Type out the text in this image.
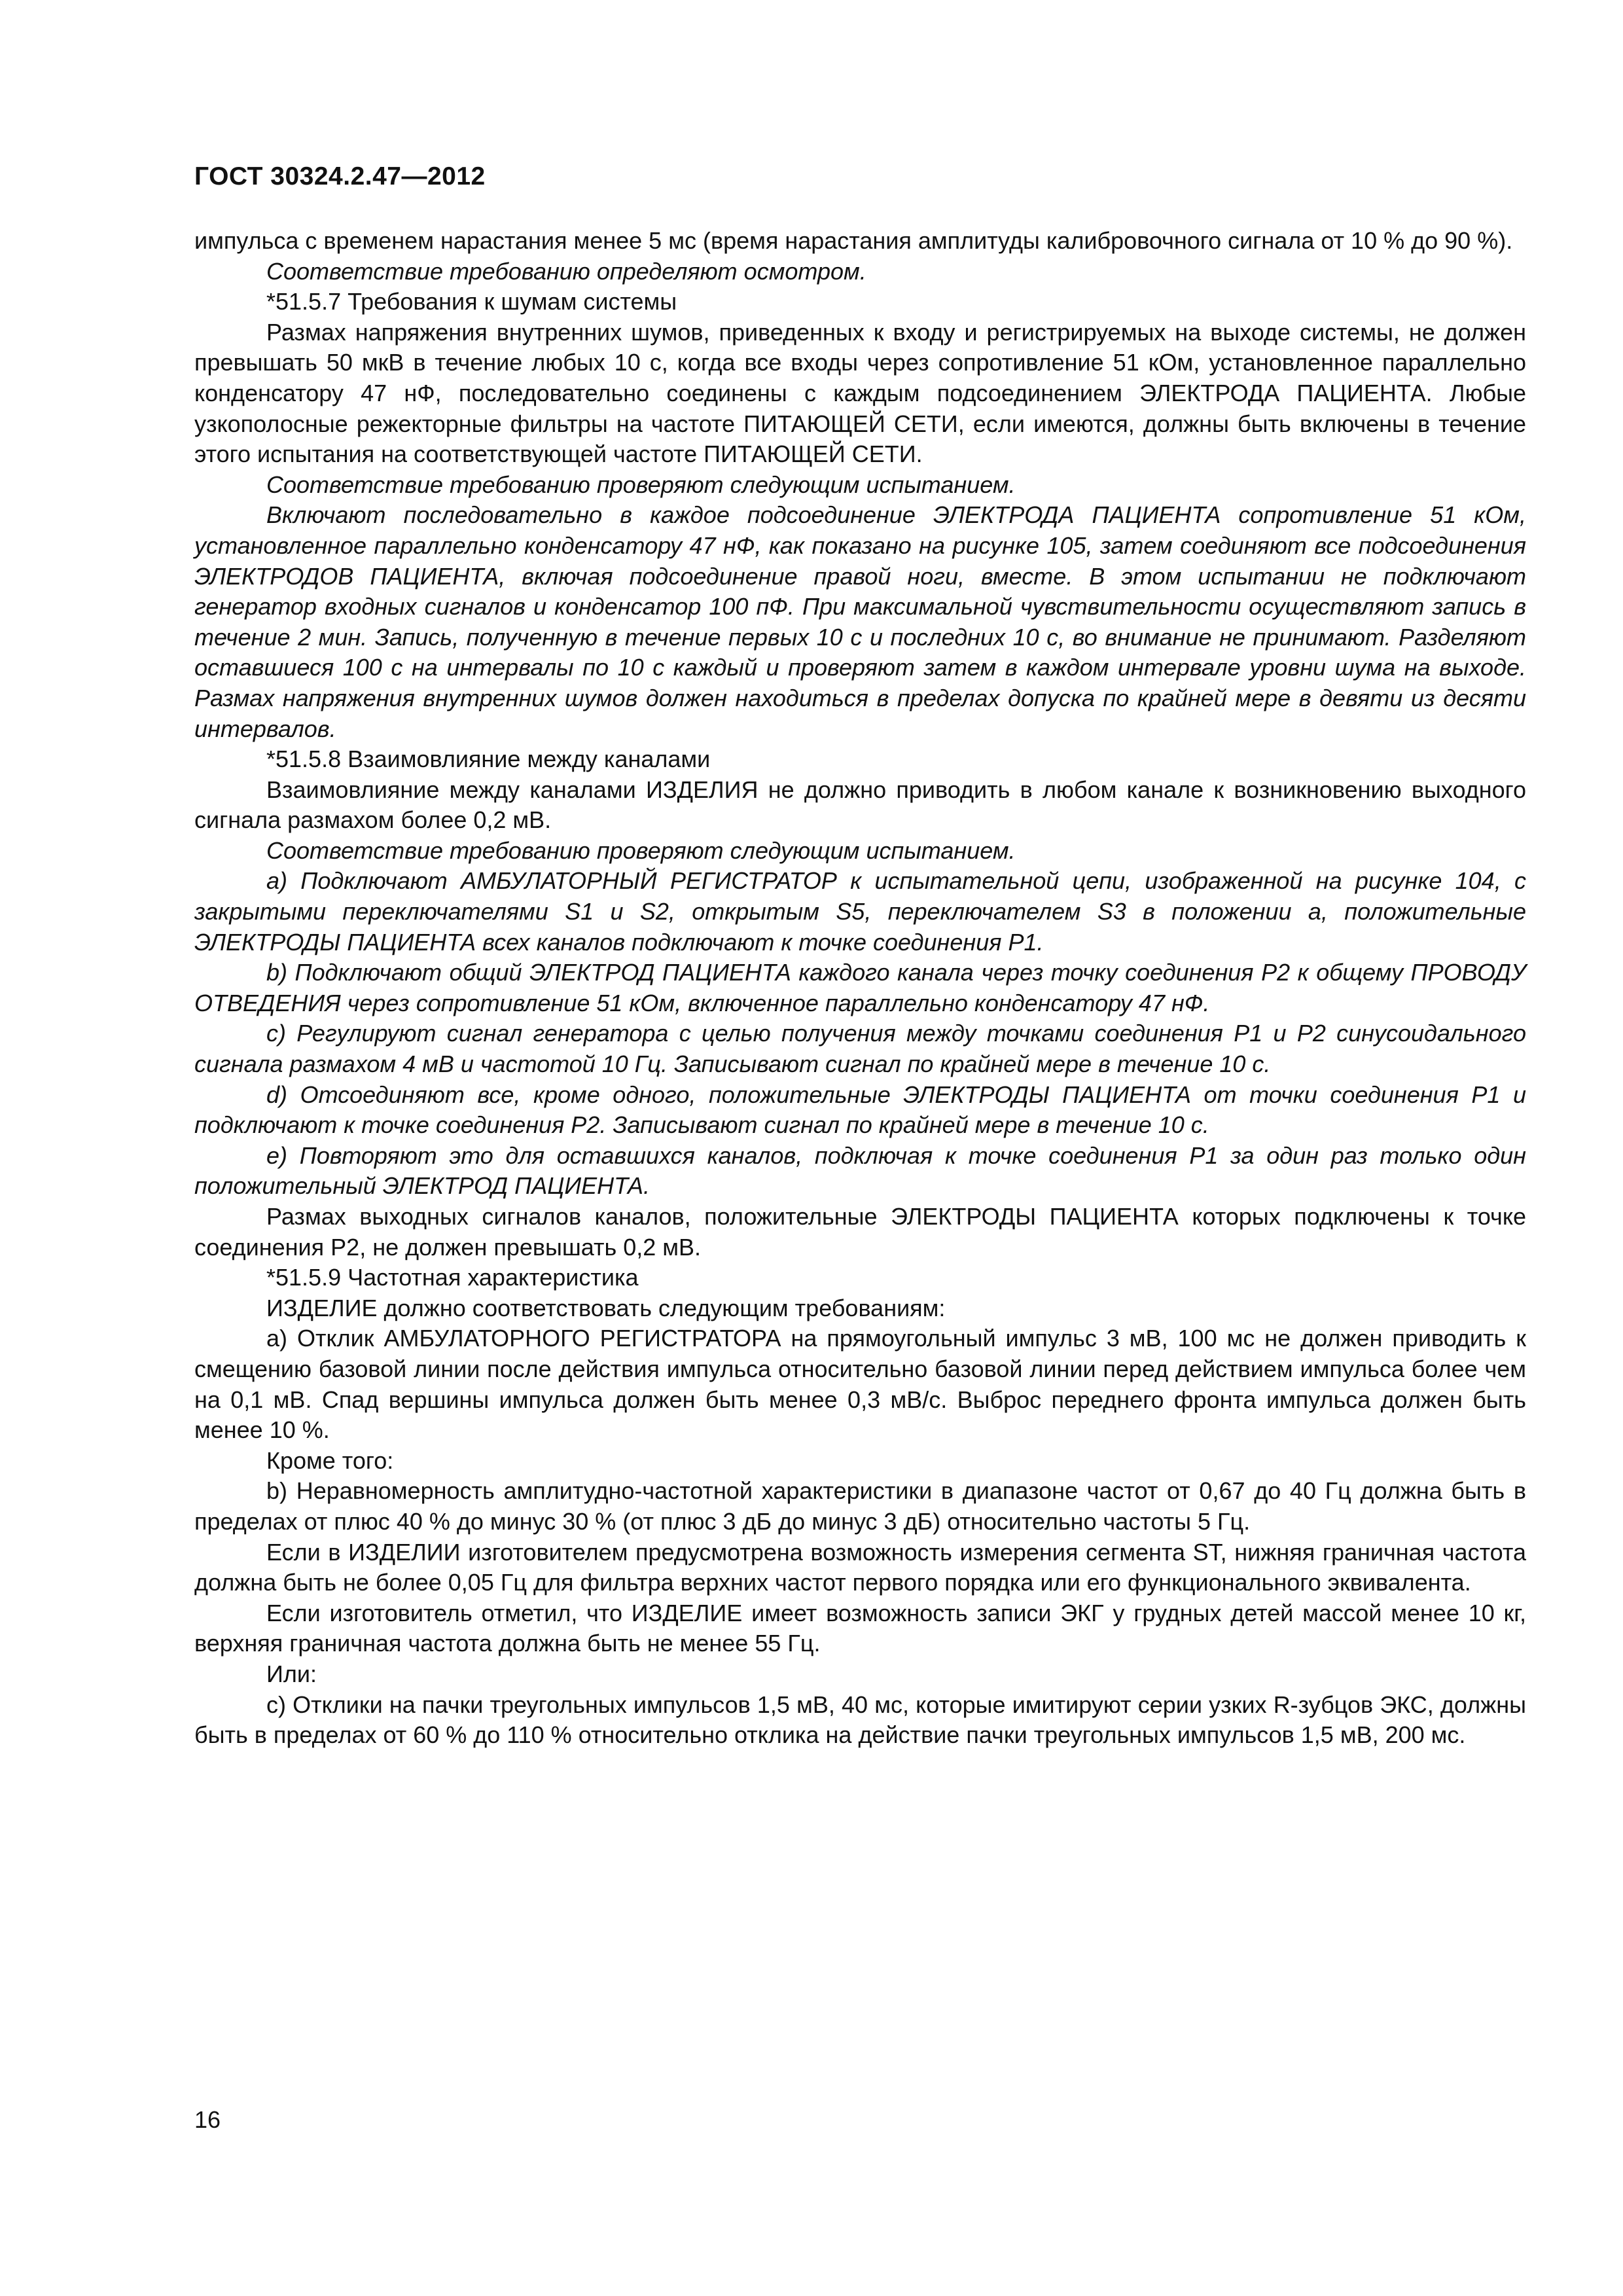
ГОСТ 30324.2.47—2012

импульса с временем нарастания менее 5 мс (время нарастания амплитуды калибровочного сигнала от 10 % до 90 %).

Соответствие требованию определяют осмотром.

*51.5.7 Требования к шумам системы

Размах напряжения внутренних шумов, приведенных к входу и регистрируемых на выходе системы, не должен превышать 50 мкВ в течение любых 10 с, когда все входы через сопротивление 51 кОм, установленное параллельно конденсатору 47 нФ, последовательно соединены с каждым подсоединением ЭЛЕКТРОДА ПАЦИЕНТА. Любые узкополосные режекторные фильтры на частоте ПИТАЮЩЕЙ СЕТИ, если имеются, должны быть включены в течение этого испытания на соответствующей частоте ПИТАЮЩЕЙ СЕТИ.

Соответствие требованию проверяют следующим испытанием.

Включают последовательно в каждое подсоединение ЭЛЕКТРОДА ПАЦИЕНТА сопротивление 51 кОм, установленное параллельно конденсатору 47 нФ, как показано на рисунке 105, затем соединяют все подсоединения ЭЛЕКТРОДОВ ПАЦИЕНТА, включая подсоединение правой ноги, вместе. В этом испытании не подключают генератор входных сигналов и конденсатор 100 пФ. При максимальной чувствительности осуществляют запись в течение 2 мин. Запись, полученную в течение первых 10 с и последних 10 с, во внимание не принимают. Разделяют оставшиеся 100 с на интервалы по 10 с каждый и проверяют затем в каждом интервале уровни шума на выходе. Размах напряжения внутренних шумов должен находиться в пределах допуска по крайней мере в девяти из десяти интервалов.

*51.5.8 Взаимовлияние между каналами

Взаимовлияние между каналами ИЗДЕЛИЯ не должно приводить в любом канале к возникновению выходного сигнала размахом более 0,2 мВ.

Соответствие требованию проверяют следующим испытанием.

а) Подключают АМБУЛАТОРНЫЙ РЕГИСТРАТОР к испытательной цепи, изображенной на рисунке 104, с закрытыми переключателями S1 и S2, открытым S5, переключателем S3 в положении а, положительные ЭЛЕКТРОДЫ ПАЦИЕНТА всех каналов подключают к точке соединения Р1.

b) Подключают общий ЭЛЕКТРОД ПАЦИЕНТА каждого канала через точку соединения Р2 к общему ПРОВОДУ ОТВЕДЕНИЯ через сопротивление 51 кОм, включенное параллельно конденсатору 47 нФ.

с) Регулируют сигнал генератора с целью получения между точками соединения Р1 и Р2 синусоидального сигнала размахом 4 мВ и частотой 10 Гц. Записывают сигнал по крайней мере в течение 10 с.

d) Отсоединяют все, кроме одного, положительные ЭЛЕКТРОДЫ ПАЦИЕНТА от точки соединения Р1 и подключают к точке соединения Р2. Записывают сигнал по крайней мере в течение 10 с.

е) Повторяют это для оставшихся каналов, подключая к точке соединения Р1 за один раз только один положительный ЭЛЕКТРОД ПАЦИЕНТА.

Размах выходных сигналов каналов, положительные ЭЛЕКТРОДЫ ПАЦИЕНТА которых подключены к точке соединения Р2, не должен превышать 0,2 мВ.

*51.5.9 Частотная характеристика

ИЗДЕЛИЕ должно соответствовать следующим требованиям:

а) Отклик АМБУЛАТОРНОГО РЕГИСТРАТОРА на прямоугольный импульс 3 мВ, 100 мс не должен приводить к смещению базовой линии после действия импульса относительно базовой линии перед действием импульса более чем на 0,1 мВ. Спад вершины импульса должен быть менее 0,3 мВ/с. Выброс переднего фронта импульса должен быть менее 10 %.

Кроме того:

b) Неравномерность амплитудно-частотной характеристики в диапазоне частот от 0,67 до 40 Гц должна быть в пределах от плюс 40 % до минус 30 % (от плюс 3 дБ до минус 3 дБ) относительно частоты 5 Гц.

Если в ИЗДЕЛИИ изготовителем предусмотрена возможность измерения сегмента ST, нижняя граничная частота должна быть не более 0,05 Гц для фильтра верхних частот первого порядка или его функционального эквивалента.

Если изготовитель отметил, что ИЗДЕЛИЕ имеет возможность записи ЭКГ у грудных детей массой менее 10 кг, верхняя граничная частота должна быть не менее 55 Гц.

Или:

с) Отклики на пачки треугольных импульсов 1,5 мВ, 40 мс, которые имитируют серии узких R-зубцов ЭКС, должны быть в пределах от 60 % до 110 % относительно отклика на действие пачки треугольных импульсов 1,5 мВ, 200 мс.

16
